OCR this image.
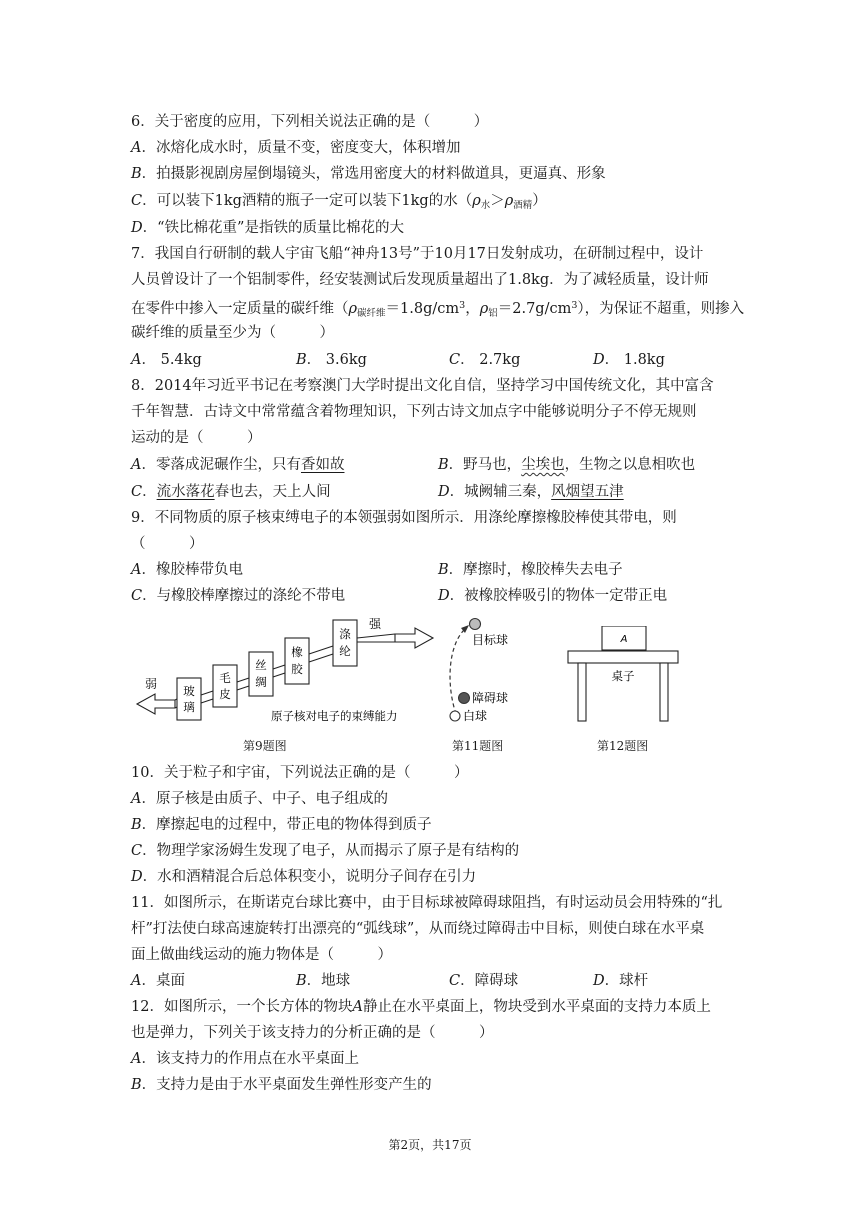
6．关于密度的应用，下列相关说法正确的是（　　　）
A．冰熔化成水时，质量不变，密度变大，体积增加
B．拍摄影视剧房屋倒塌镜头，常选用密度大的材料做道具，更逼真、形象
C．可以装下1kg酒精的瓶子一定可以装下1kg的水$(\rho_水>\rho_{酒精})$
D．“铁比棉花重”是指铁的质量比棉花的大
7．我国自行研制的载人宇宙飞船“神舟13号”于10月17日发射成功，在研制过程中，设计
人员曾设计了一个铝制零件，经安装测试后发现质量超出了1.8kg．为了减轻质量，设计师
在零件中掺入一定质量的碳纤维（$\rho_{碳纤维}=1.8g/cm^3$，$\rho_铝=2.7g/cm^3$），为保证不超重，则掺入
碳纤维的质量至少为（　　　）
A． 5.4kg	B． 3.6kg	C． 2.7kg	D． 1.8kg
8．2014年习近平书记在考察澳门大学时提出文化自信，坚持学习中国传统文化，其中富含
千年智慧．古诗文中常常蕴含着物理知识，下列古诗文加点字中能够说明分子不停无规则
运动的是（　　　）
A．零落成泥碾作尘，只有香如故	B．野马也，尘埃也，生物之以息相吹也
C．流水落花春也去，天上人间	D．城阙辅三秦，风烟望五津
9．不同物质的原子核束缚电子的本领强弱如图所示．用涤纶摩擦橡胶棒使其带电，则
（　　　）
A．橡胶棒带负电	B．摩擦时，橡胶棒失去电子
C．与橡胶棒摩擦过的涤纶不带电	D．被橡胶棒吸引的物体一定带正电
弱
强
玻
璃
毛
皮
丝
绸
橡
胶
涤
纶
原子核对电子的束缚能力
第9题图
目标球
障碍球
白球
第11题图
A
桌子
第12题图
10．关于粒子和宇宙，下列说法正确的是（　　　）
A．原子核是由质子、中子、电子组成的
B．摩擦起电的过程中，带正电的物体得到质子
C．物理学家汤姆生发现了电子，从而揭示了原子是有结构的
D．水和酒精混合后总体积变小，说明分子间存在引力
11．如图所示，在斯诺克台球比赛中，由于目标球被障碍球阻挡，有时运动员会用特殊的“扎
杆”打法使白球高速旋转打出漂亮的“弧线球”，从而绕过障碍击中目标，则使白球在水平桌
面上做曲线运动的施力物体是（　　　）
A．桌面	B．地球	C．障碍球	D．球杆
12．如图所示，一个长方体的物块A静止在水平桌面上，物块受到水平桌面的支持力本质上
也是弹力，下列关于该支持力的分析正确的是（　　　）
A．该支持力的作用点在水平桌面上
B．支持力是由于水平桌面发生弹性形变产生的
第2页，共17页
